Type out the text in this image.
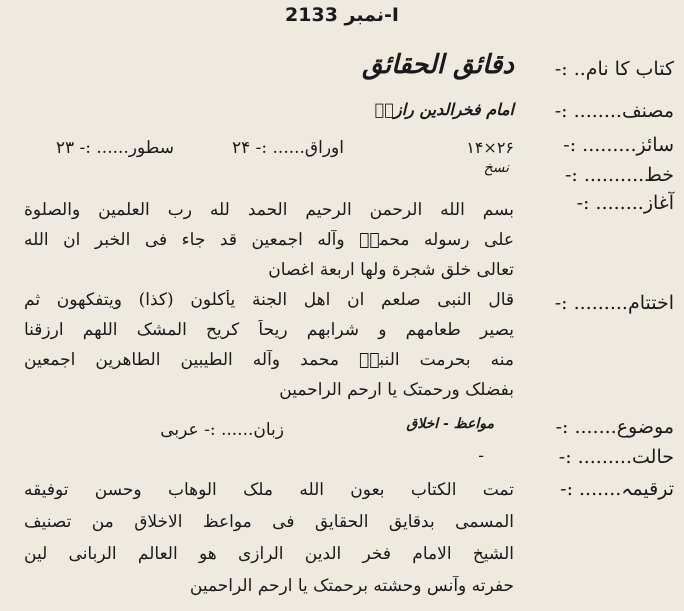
نمبر 2133-I
کتاب کا نام.. :-
مصنف........ :-
سائز......... :-
خط.......... :-
آغاز........ :-
اختتام......... :-
موضوع....... :-
حالت......... :-
ترقیمہ....... :-
دقائق الحقائق
امام فخرالدین رازیؒ
۲۶×۱۴
اوراق...... :- ۲۴
سطور...... :- ۲۳
نسخ
بسم الله الرحمن الرحيم الحمد لله رب العلمين والصلوة
علی رسوله محمدؐ وآله اجمعين قد جاء فی الخبر ان الله
تعالی خلق شجرة ولها اربعة اغصان
قال النبی صلعم ان اهل الجنة يأكلون (كذا) ويتفكهون ثم
يصير طعامهم و شرابهم ريحاً كريح المشک اللهم ارزقنا
منه بحرمت النبیؐ محمد وآله الطيبين الطاهرين اجمعين
بفضلک ورحمتک يا ارحم الراحمين
مواعظ - اخلاق
زبان...... :- عربی
-
تمت الكتاب بعون الله ملک الوهاب وحسن توفيقه
المسمی بدقايق الحقايق فی مواعظ الاخلاق من تصنيف
الشيخ الامام فخر الدين الرازی هو العالم الربانی لين
حفرته وآنس وحشته برحمتک يا ارحم الراحمين
